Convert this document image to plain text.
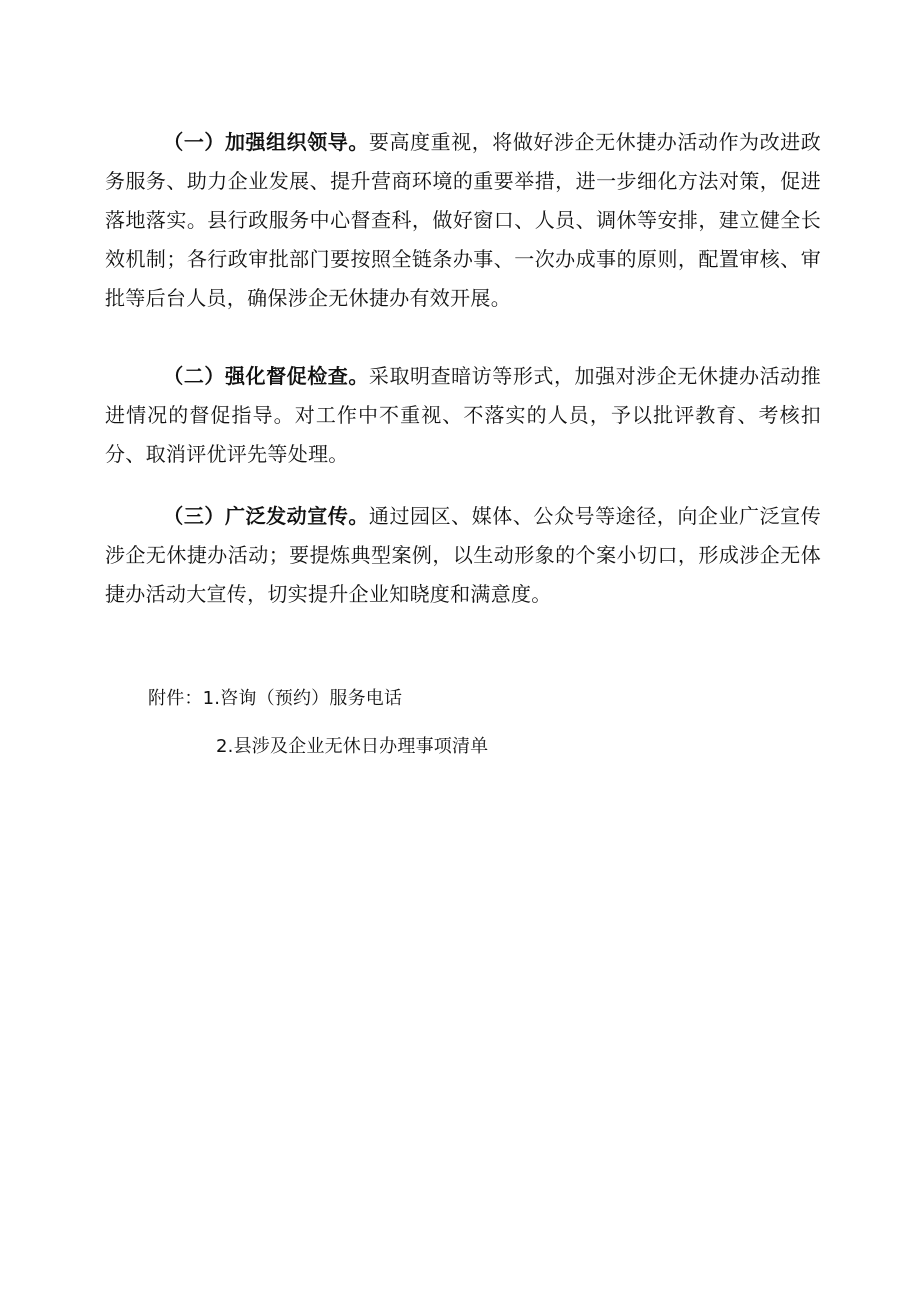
（一）加强组织领导。要高度重视，将做好涉企无休捷办活动作为改进政务服务、助力企业发展、提升营商环境的重要举措，进一步细化方法对策，促进落地落实。县行政服务中心督查科，做好窗口、人员、调休等安排，建立健全长效机制；各行政审批部门要按照全链条办事、一次办成事的原则，配置审核、审批等后台人员，确保涉企无休捷办有效开展。
（二）强化督促检查。采取明查暗访等形式，加强对涉企无休捷办活动推进情况的督促指导。对工作中不重视、不落实的人员，予以批评教育、考核扣分、取消评优评先等处理。
（三）广泛发动宣传。通过园区、媒体、公众号等途径，向企业广泛宣传涉企无休捷办活动；要提炼典型案例，以生动形象的个案小切口，形成涉企无体捷办活动大宣传，切实提升企业知晓度和满意度。
附件：1.咨询（预约）服务电话
2.县涉及企业无休日办理事项清单
